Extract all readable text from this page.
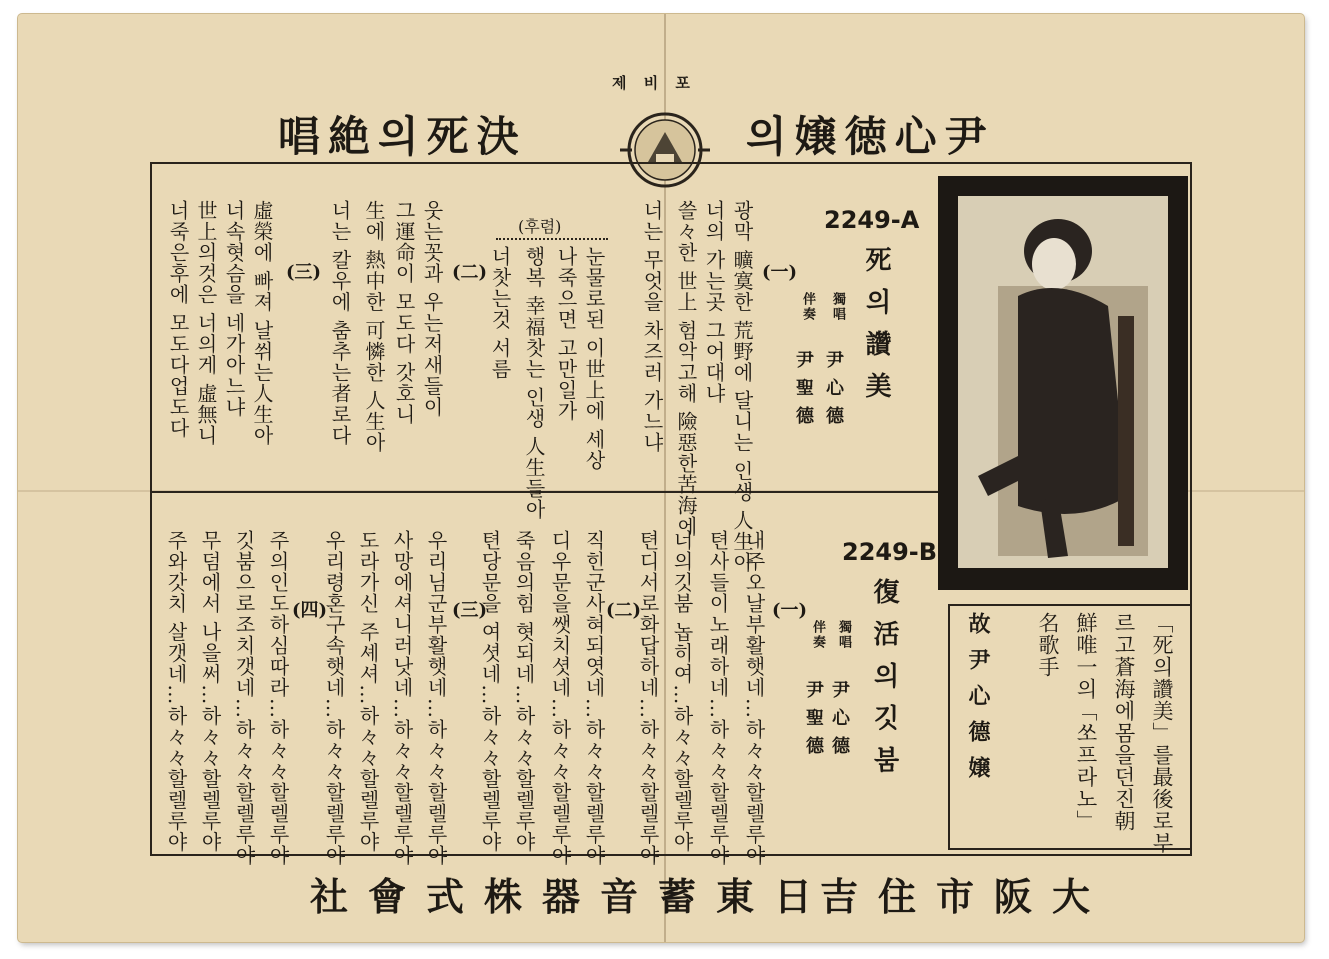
제 비 포
唱絶의死決	의嬢徳心尹
2249-A
死의讚美
獨唱
尹心德
伴奏
尹聖德
(一)
광막 曠寞한 荒野에 달니는 인생 人生아
너의 가는곳 그어대냐
쓸々한 世上 험악고해 險惡한苦海에
너는 무엇을 차즈러 가느냐
눈물로된 이世上에 세상
나죽으면 고만일가
행복 幸福찻는 인생 人生들아
너찻는것 서름
(후렴)
(二)
웃는꼿과 우는저새들이
그運命이 모도다 갓호니
生에 熱中한 可憐한 人生아
너는 칼우에 춤추는者로다
(三)
虛榮에 빠져 날쒸는人生아
너속혓슴을 네가아느냐
世上의것은 너의게 虛無니
너죽은후에 모도다업도다
2249-B
復活의깃붐
獨唱
尹心德
伴奏
尹聖德
(一)
내주오날부활햇네…하々々할렐루야
텬사들이노래하네…하々々할렐루야
너의깃붐 놉히여…하々々할렐루야
텬디서로화답하네…하々々할렐루야
(二)
직힌군사혀되엿네…하々々할렐루야
디우문을쌧치셧네…하々々할렐루야
죽음의힘 혓되네…하々々할렐루야
텬당문을 여셧네…하々々할렐루야
(三)
우리님군부활햇네…하々々할렐루야
사망에셔니러낫네…하々々할렐루야
도라가신 주셰셔…하々々할렐루야
우리령혼구속햇네…하々々할렐루야
(四)
주의인도하심따라…하々々할렐루야
깃붐으로조치갯네…하々々할렐루야
무덤에서 나을써…하々々할렐루야
주와갓치 살갯네…하々々할렐루야	「死의讚美」를最後로부
르고蒼海에몸을던진朝
鮮唯一의「쏘프라노」
名歌手
故尹心德嬢
社會式株器音蓄東日
吉住市阪大
